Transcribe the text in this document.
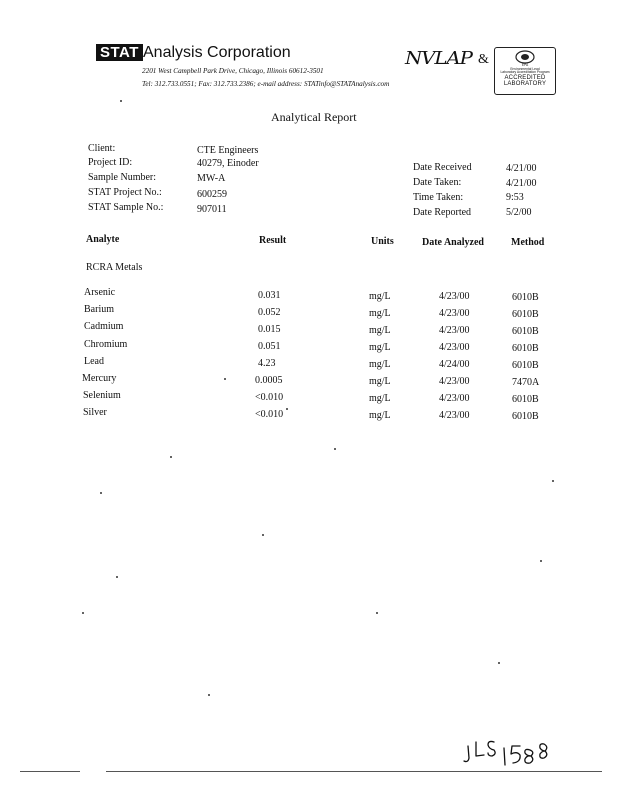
STAT Analysis Corporation
2201 West Campbell Park Drive, Chicago, Illinois 60612-3501
Tel: 312.733.0551; Fax: 312.733.2386; e-mail address: STATinfo@STATAnalysis.com
NVLAP &	EPA
Environmental Lead
Laboratory Accreditation Program
ACCREDITED
LABORATORY
Analytical Report
Client:	CTE Engineers
Project ID:	40279, Einoder
Sample Number:	MW-A
STAT Project No.:	600259
STAT Sample No.:	907011
Date Received	4/21/00
Date Taken:	4/21/00
Time Taken:	9:53
Date Reported	5/2/00
Analyte	Result	Units	Date Analyzed	Method
RCRA Metals
Arsenic	0.031	mg/L	4/23/00	6010B
Barium	0.052	mg/L	4/23/00	6010B
Cadmium	0.015	mg/L	4/23/00	6010B
Chromium	0.051	mg/L	4/23/00	6010B
Lead	4.23	mg/L	4/24/00	6010B
Mercury	0.0005	mg/L	4/23/00	7470A
Selenium	<0.010	mg/L	4/23/00	6010B
Silver	<0.010	mg/L	4/23/00	6010B
